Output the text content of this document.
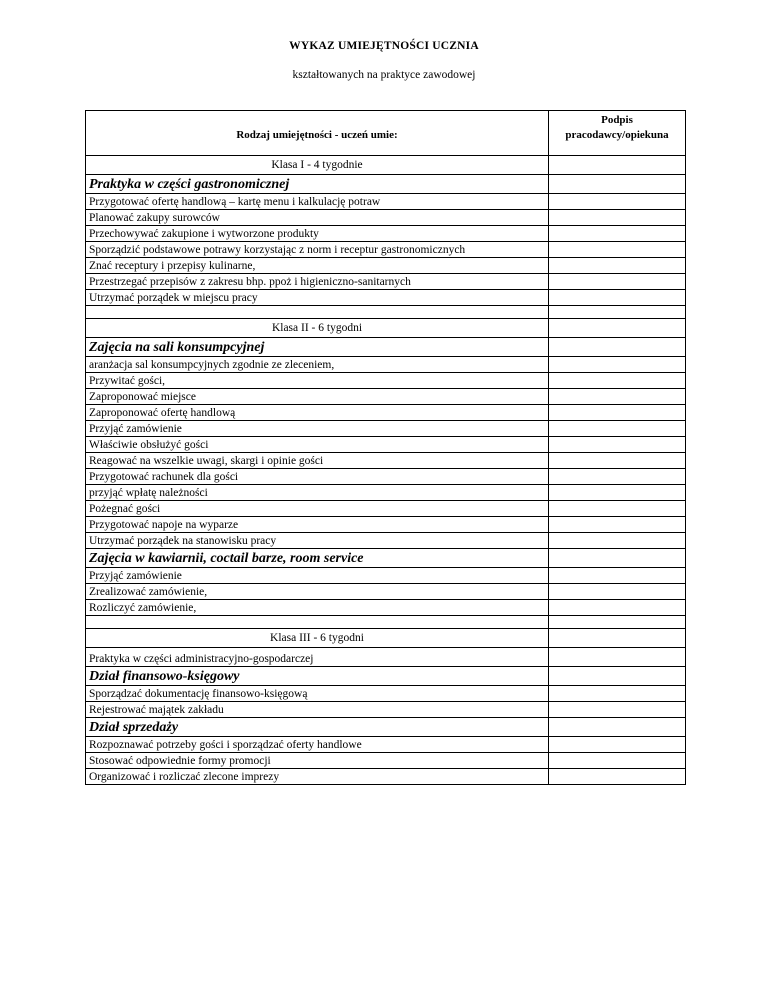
WYKAZ UMIEJĘTNOŚCI UCZNIA
kształtowanych na praktyce zawodowej
Rodzaj umiejętności - uczeń umie:	Podpis
pracodawcy/opiekuna
Klasa I - 4 tygodnie	
Praktyka w części gastronomicznej	
Przygotować ofertę handlową – kartę menu i kalkulację potraw	
Planować zakupy surowców	
Przechowywać zakupione i wytworzone produkty	
Sporządzić podstawowe potrawy korzystając z norm i receptur gastronomicznych	
Znać receptury i przepisy kulinarne,	
Przestrzegać przepisów z zakresu bhp. ppoż i higieniczno-sanitarnych	
Utrzymać porządek w miejscu pracy	

Klasa II - 6 tygodni	
Zajęcia na sali konsumpcyjnej	
aranżacja sal konsumpcyjnych zgodnie ze zleceniem,	
Przywitać gości,	
Zaproponować miejsce	
Zaproponować ofertę handlową	
Przyjąć zamówienie	
Właściwie obsłużyć gości	
Reagować na wszelkie uwagi, skargi i opinie gości	
Przygotować rachunek dla gości	
przyjąć wpłatę należności	
Pożegnać gości	
Przygotować napoje na wyparze	
Utrzymać porządek na stanowisku pracy	
Zajęcia w kawiarnii, coctail barze, room service	
Przyjąć zamówienie	
Zrealizować zamówienie,	
Rozliczyć zamówienie,	

Klasa III - 6 tygodni	
Praktyka w części administracyjno-gospodarczej	
Dział finansowo-księgowy	
Sporządzać dokumentację finansowo-księgową	
Rejestrować majątek zakładu	
Dział sprzedaży	
Rozpoznawać potrzeby gości i sporządzać oferty handlowe	
Stosować odpowiednie formy promocji	
Organizować i rozliczać zlecone imprezy	
